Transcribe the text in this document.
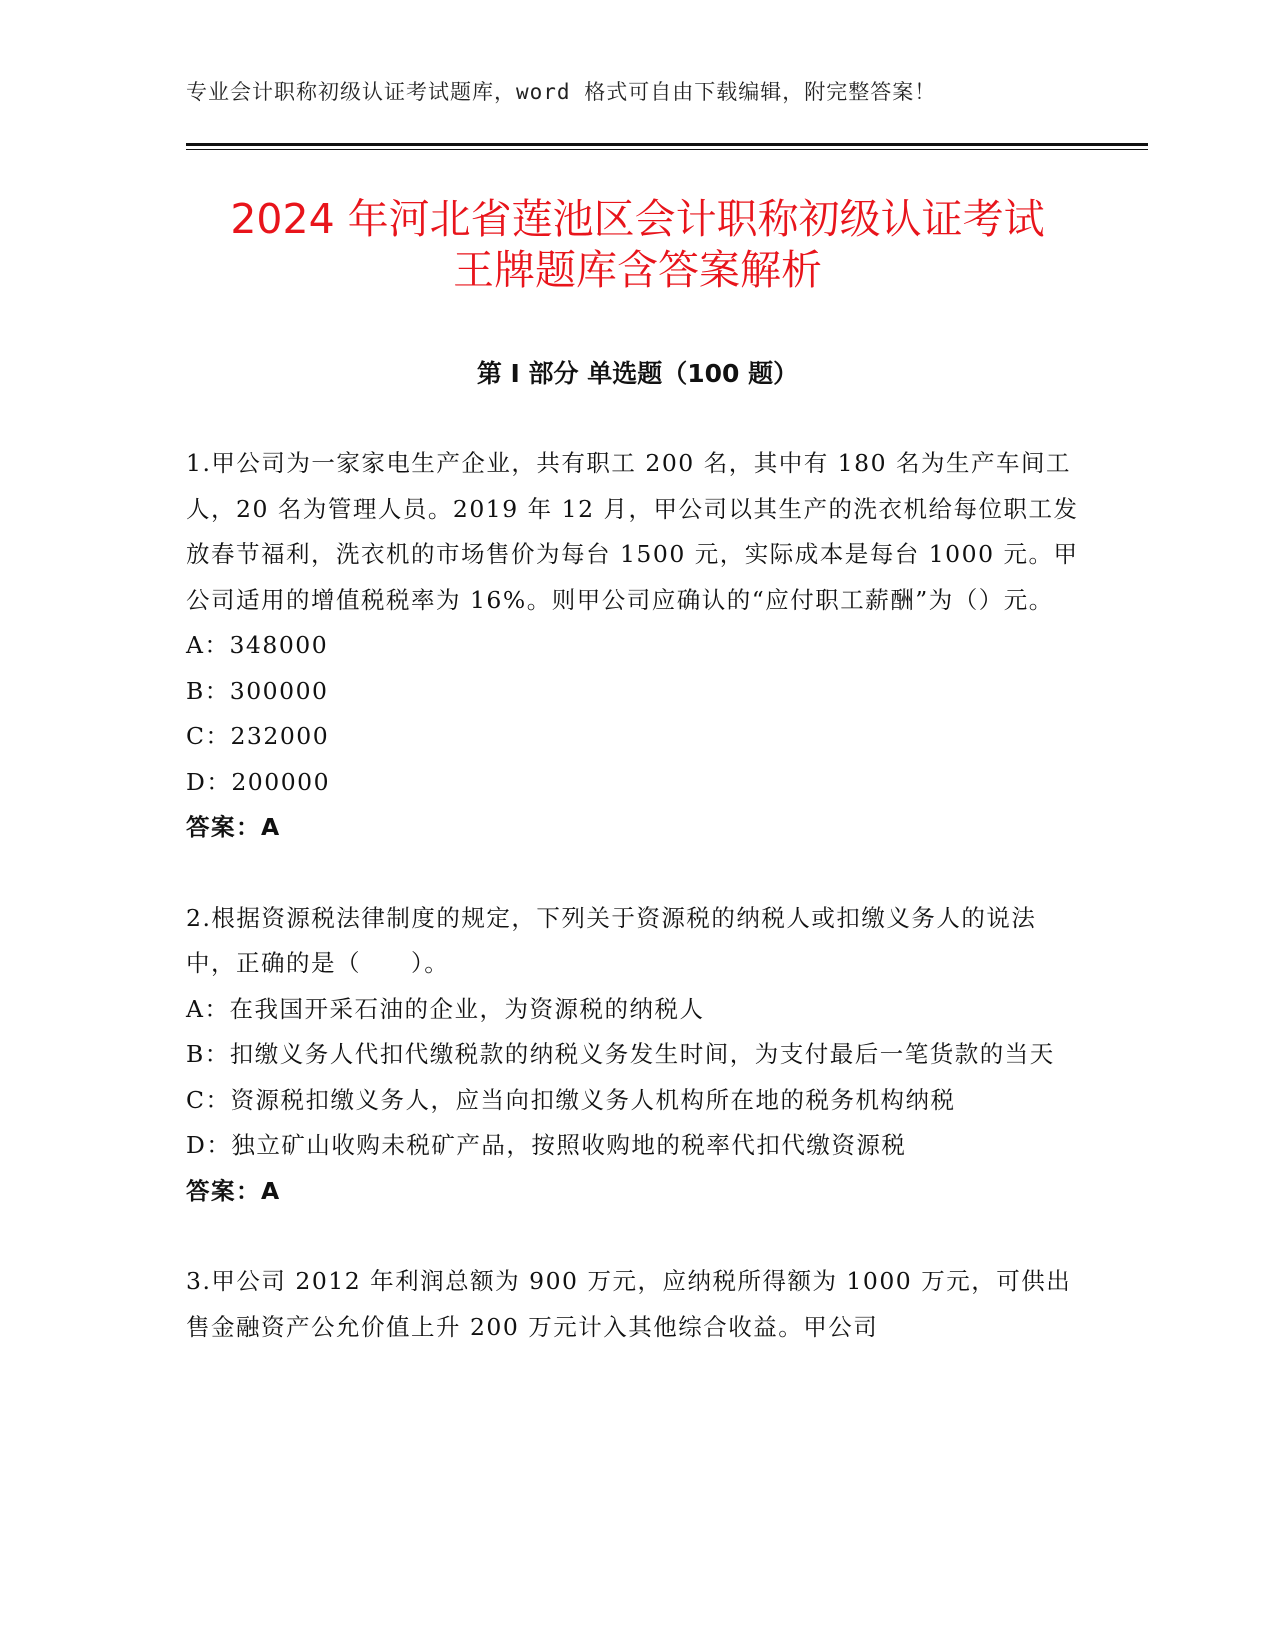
专业会计职称初级认证考试题库，word 格式可自由下载编辑，附完整答案！
2024 年河北省莲池区会计职称初级认证考试
王牌题库含答案解析
第 I 部分 单选题（100 题）

1.甲公司为一家家电生产企业，共有职工 200 名，其中有 180 名为生产车间工人，20 名为管理人员。2019 年 12 月，甲公司以其生产的洗衣机给每位职工发放春节福利，洗衣机的市场售价为每台 1500 元，实际成本是每台 1000 元。甲公司适用的增值税税率为 16%。则甲公司应确认的“应付职工薪酬”为（）元。

A：348000

B：300000

C：232000

D：200000

答案：A

2.根据资源税法律制度的规定，下列关于资源税的纳税人或扣缴义务人的说法中，正确的是（　　）。

A：在我国开采石油的企业，为资源税的纳税人

B：扣缴义务人代扣代缴税款的纳税义务发生时间，为支付最后一笔货款的当天

C：资源税扣缴义务人，应当向扣缴义务人机构所在地的税务机构纳税

D：独立矿山收购未税矿产品，按照收购地的税率代扣代缴资源税

答案：A

3.甲公司 2012 年利润总额为 900 万元，应纳税所得额为 1000 万元，可供出售金融资产公允价值上升 200 万元计入其他综合收益。甲公司
